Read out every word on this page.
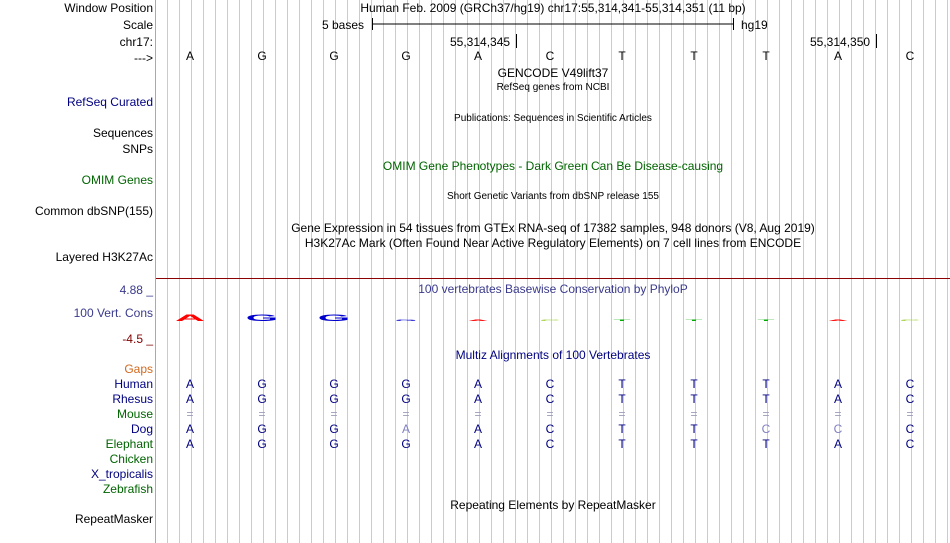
Window Position
Scale
chr17:
--->
RefSeq Curated
Sequences
SNPs
OMIM Genes
Common dbSNP(155)
Layered H3K27Ac
4.88 _
100 Vert. Cons
-4.5 _
Gaps
RepeatMasker
Human Feb. 2009 (GRCh37/hg19) chr17:55,314,341-55,314,351 (11 bp)
5 bases	hg19
55,314,345	55,314,350
A	G	G	G	A	C	T	T	T	A	C
GENCODE V49lift37
RefSeq genes from NCBI
Publications: Sequences in Scientific Articles
OMIM Gene Phenotypes - Dark Green Can Be Disease-causing
Short Genetic Variants from dbSNP release 155
Gene Expression in 54 tissues from GTEx RNA-seq of 17382 samples, 948 donors (V8, Aug 2019)
H3K27Ac Mark (Often Found Near Active Regulatory Elements) on 7 cell lines from ENCODE
100 vertebrates Basewise Conservation by PhyloP
A	G G	G	A	C	T	T	T	A	C
Multiz Alignments of 100 Vertebrates
Human	A	G	G	G	A	C	T	T	T	A	C
Rhesus	A	G	G	G	A	C	T	T	T	A	C
Mouse	=	=	=	=	=	=	=	=	=	=	=
Dog	A	G	G	A	A	C	T	T	C	C	C
Elephant	A	G	G	G	A	C	T	T	T	A	C
Chicken
X_tropicalis
Zebrafish
Repeating Elements by RepeatMasker
